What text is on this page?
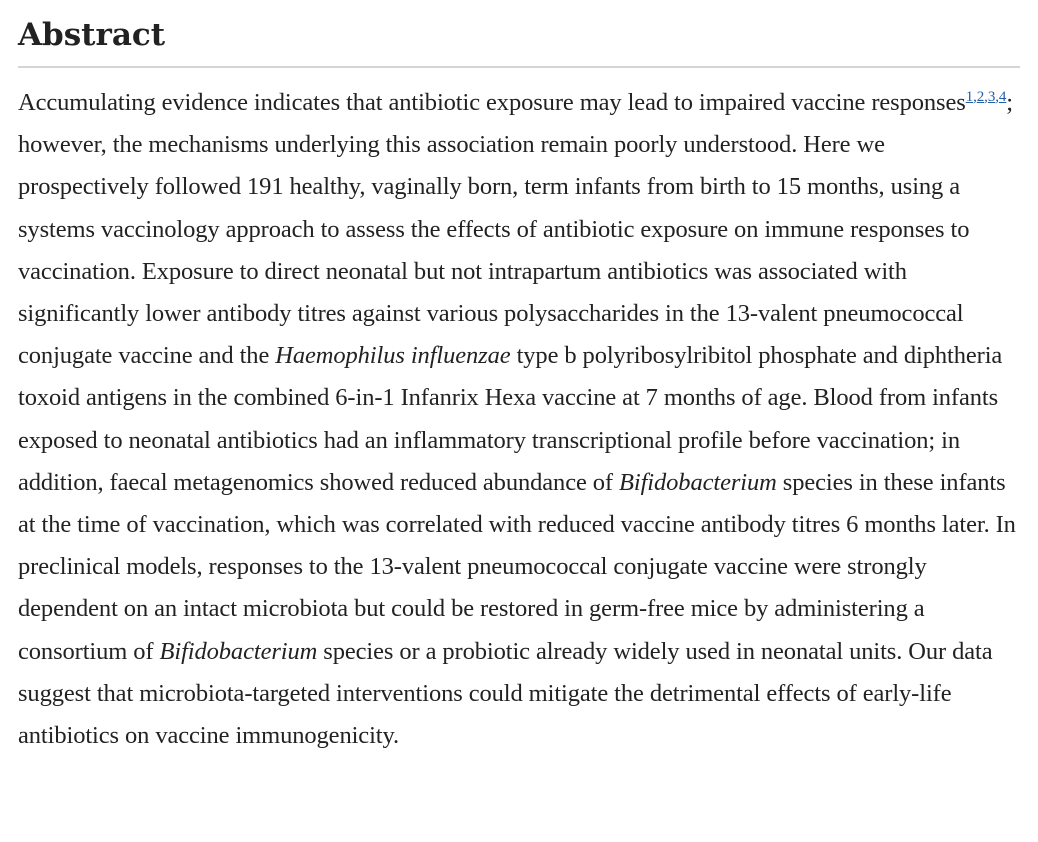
Abstract

Accumulating evidence indicates that antibiotic exposure may lead to impaired vaccine responses$^{1,2,3,4}$; however, the mechanisms underlying this association remain poorly understood. Here we prospectively followed 191 healthy, vaginally born, term infants from birth to 15 months, using a systems vaccinology approach to assess the effects of antibiotic exposure on immune responses to vaccination. Exposure to direct neonatal but not intrapartum antibiotics was associated with significantly lower antibody titres against various polysaccharides in the 13-valent pneumococcal conjugate vaccine and the Haemophilus influenzae type b polyribosylribitol phosphate and diphtheria toxoid antigens in the combined 6-in-1 Infanrix Hexa vaccine at 7 months of age. Blood from infants exposed to neonatal antibiotics had an inflammatory transcriptional profile before vaccination; in addition, faecal metagenomics showed reduced abundance of Bifidobacterium species in these infants at the time of vaccination, which was correlated with reduced vaccine antibody titres 6 months later. In preclinical models, responses to the 13-valent pneumococcal conjugate vaccine were strongly dependent on an intact microbiota but could be restored in germ-free mice by administering a consortium of Bifidobacterium species or a probiotic already widely used in neonatal units. Our data suggest that microbiota-targeted interventions could mitigate the detrimental effects of early-life antibiotics on vaccine immunogenicity.
